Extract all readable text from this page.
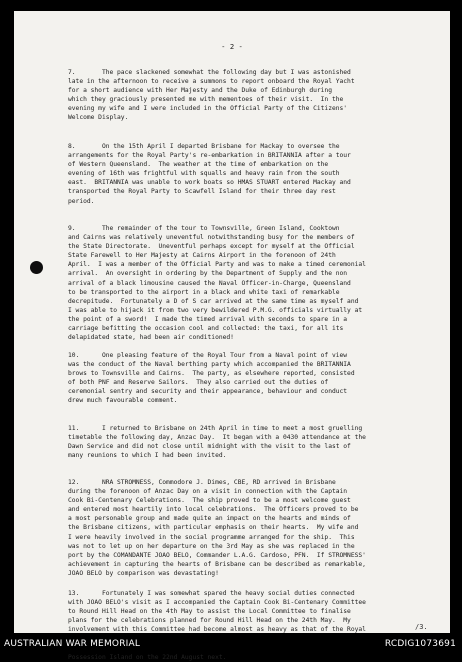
- 2 -

7.       The pace slackened somewhat the following day but I was astonished
late in the afternoon to receive a summons to report onboard the Royal Yacht
for a short audience with Her Majesty and the Duke of Edinburgh during
which they graciously presented me with mementoes of their visit.  In the
evening my wife and I were included in the Official Party of the Citizens'
Welcome Display.

8.       On the 15th April I departed Brisbane for Mackay to oversee the
arrangements for the Royal Party's re-embarkation in BRITANNIA after a tour
of Western Queensland.  The weather at the time of embarkation on the
evening of 16th was frightful with squalls and heavy rain from the south
east.  BRITANNIA was unable to work boats so HMAS STUART entered Mackay and
transported the Royal Party to Scawfell Island for their three day rest
period.

9.       The remainder of the tour to Townsville, Green Island, Cooktown
and Cairns was relatively uneventful notwithstanding busy for the members of
the State Directorate.  Uneventful perhaps except for myself at the Official
State Farewell to Her Majesty at Cairns Airport in the forenoon of 24th
April.  I was a member of the Official Party and was to make a timed ceremonial
arrival.  An oversight in ordering by the Department of Supply and the non
arrival of a black limousine caused the Naval Officer-in-Charge, Queensland
to be transported to the airport in a black and white taxi of remarkable
decrepitude.  Fortunately a D of S car arrived at the same time as myself and
I was able to hijack it from two very bewildered P.M.G. officials virtually at
the point of a sword!  I made the timed arrival with seconds to spare in a
carriage befitting the occasion cool and collected: the taxi, for all its
delapidated state, had been air conditioned!

10.      One pleasing feature of the Royal Tour from a Naval point of view
was the conduct of the Naval berthing party which accompanied the BRITANNIA
brows to Townsville and Cairns.  The party, as elsewhere reported, consisted
of both PNF and Reserve Sailors.  They also carried out the duties of
ceremonial sentry and security and their appearance, behaviour and conduct
drew much favourable comment.

11.      I returned to Brisbane on 24th April in time to meet a most gruelling
timetable the following day, Anzac Day.  It began with a 0430 attendance at the
Dawn Service and did not close until midnight with the visit to the last of
many reunions to which I had been invited.

12.      NRA STROMNESS, Commodore J. Dimes, CBE, RD arrived in Brisbane
during the forenoon of Anzac Day on a visit in connection with the Captain
Cook Bi-Centenary Celebrations.  The ship proved to be a most welcome guest
and entered most heartily into local celebrations.  The Officers proved to be
a most personable group and made quite an impact on the hearts and minds of
the Brisbane citizens, with particular emphasis on their hearts.  My wife and
I were heavily involved in the social programme arranged for the ship.  This
was not to let up on her departure on the 3rd May as she was replaced in the
port by the COMANDANTE JOAO BELO, Commander L.A.G. Cardoso, PFN.  If STROMNESS'
achievement in capturing the hearts of Brisbane can be described as remarkable,
JOAO BELO by comparison was devastating!

13.      Fortunately I was somewhat spared the heavy social duties connected
with JOAO BELO's visit as I accompanied the Captain Cook Bi-Centenary Committee
to Round Hill Head on the 4th May to assist the Local Committee to finalise
plans for the celebrations planned for Round Hill Head on the 24th May.  My
involvement with this Committee had become almost as heavy as that of the Royal

Possession Island on the 22nd August next.

/3.
AUSTRALIAN WAR MEMORIAL	RCDIG1073691
